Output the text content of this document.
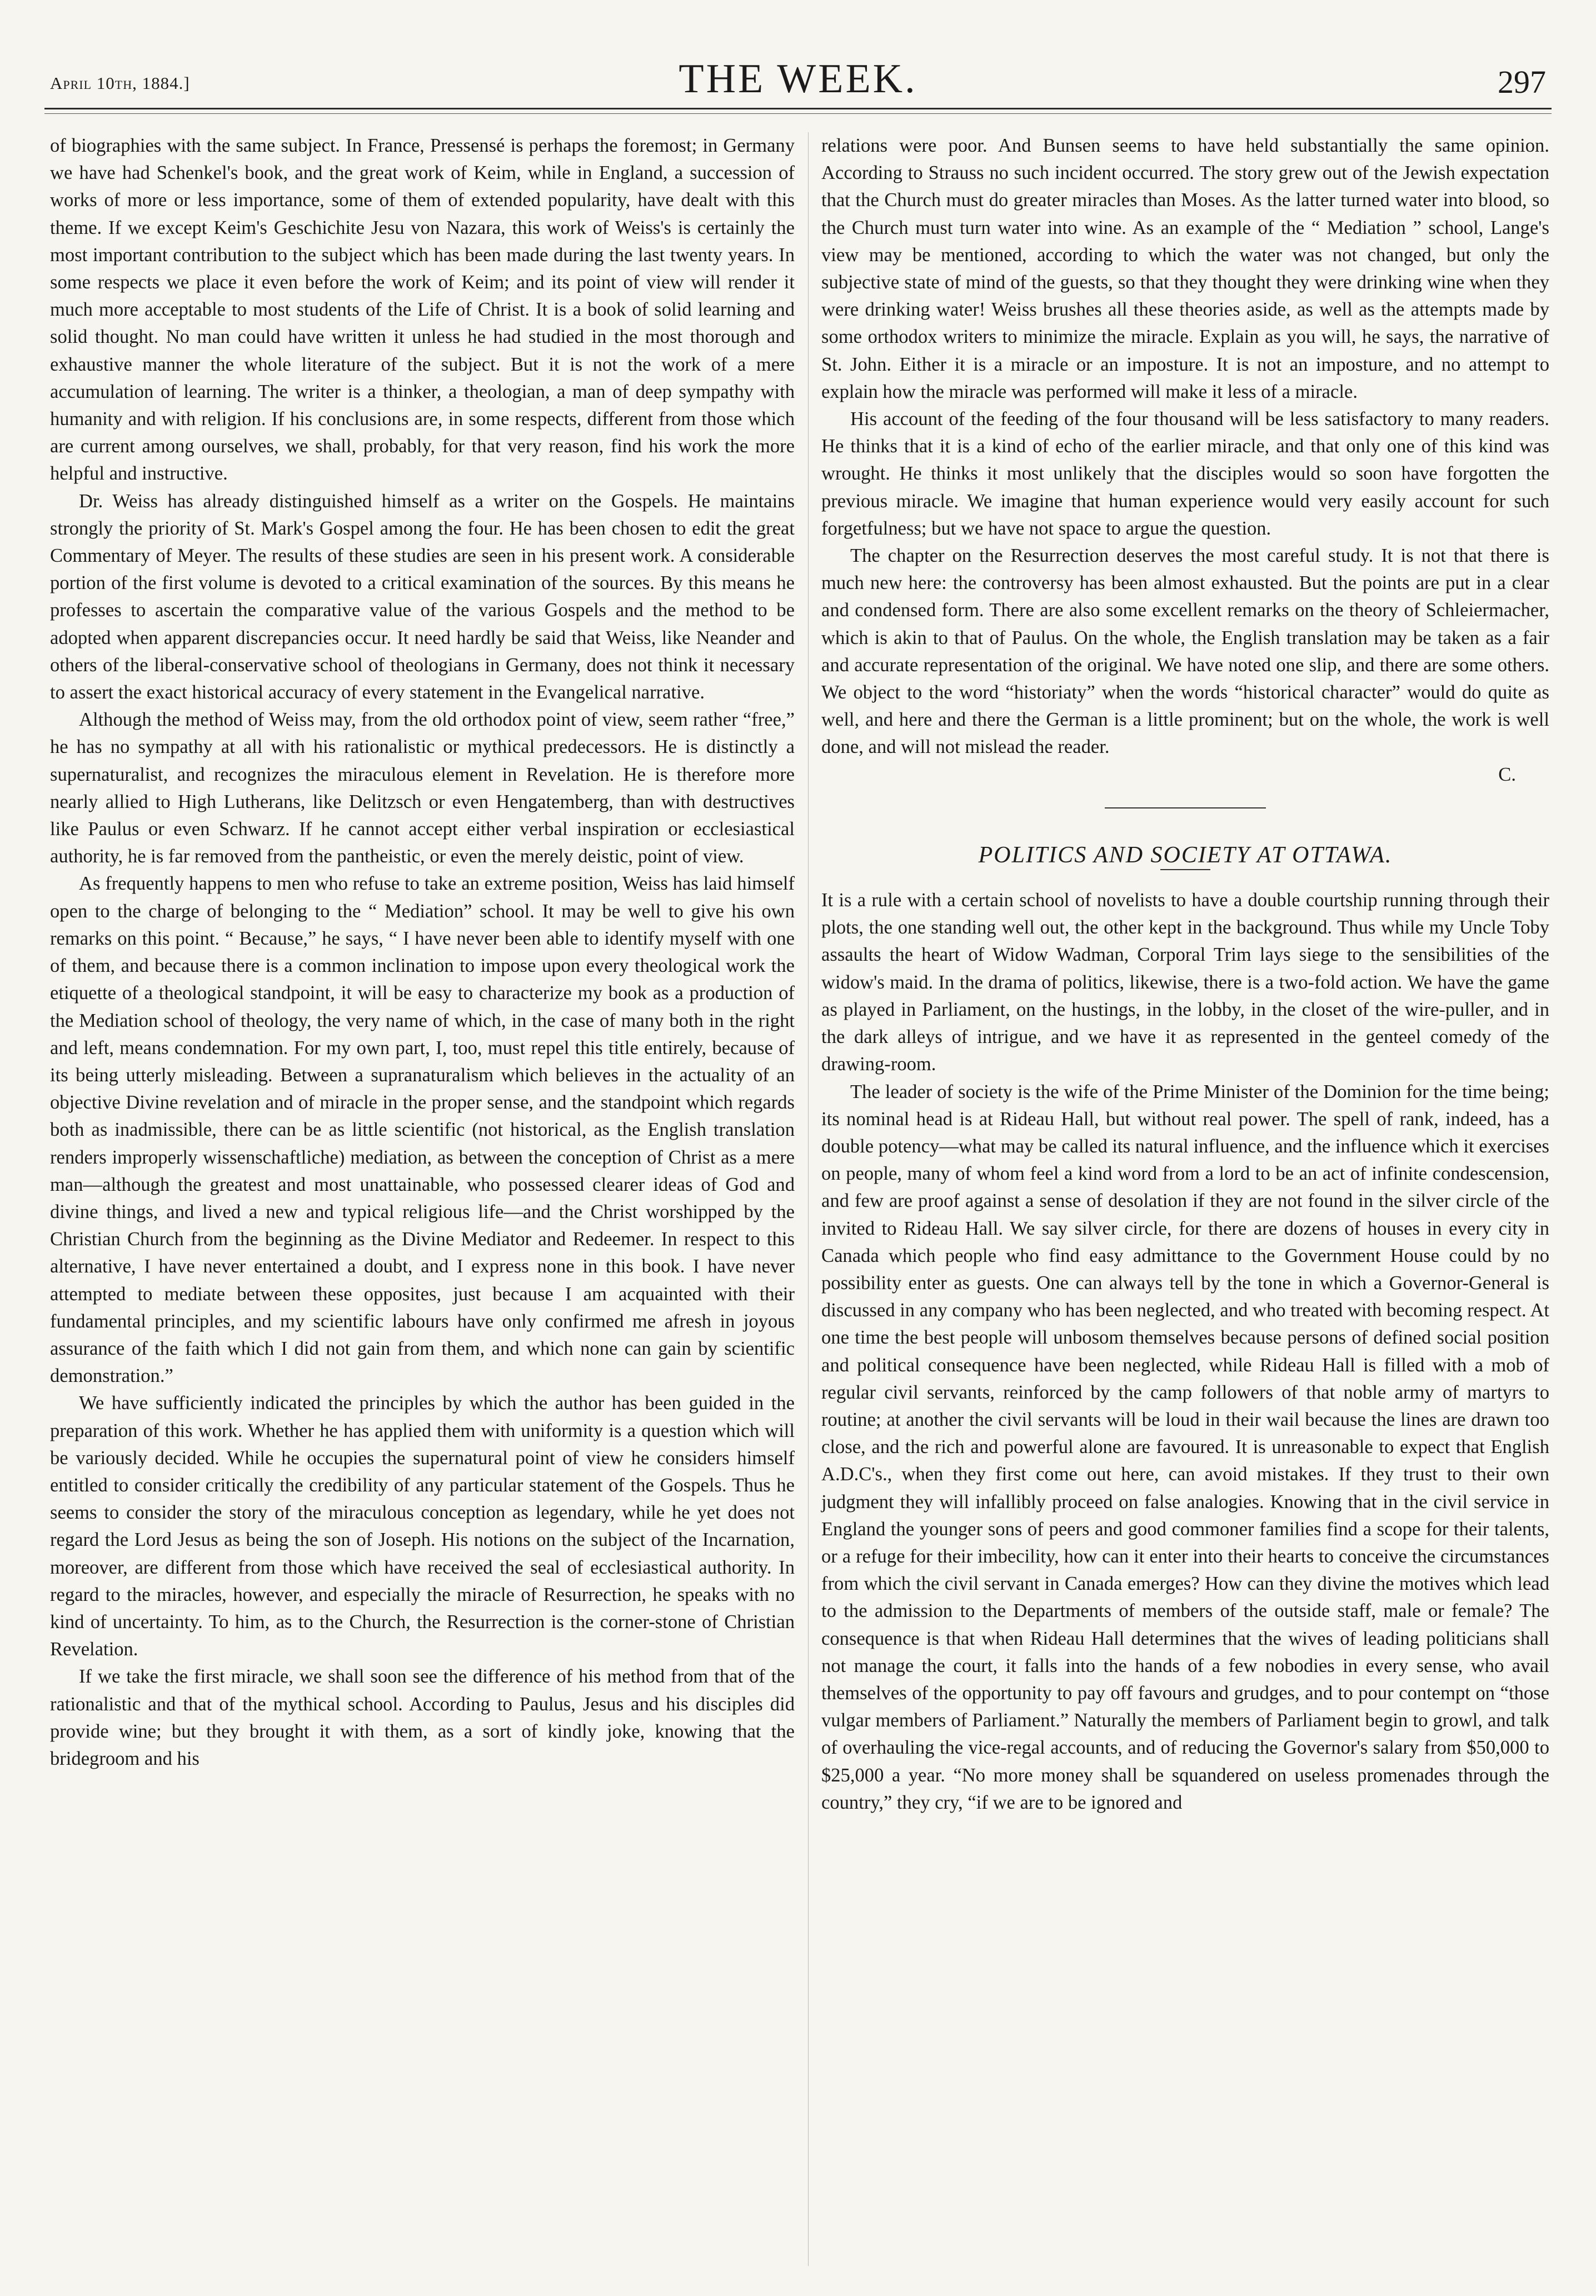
April 10th, 1884.]	THE WEEK.	297

of biographies with the same subject. In France, Pressensé is perhaps the foremost; in Germany we have had Schenkel's book, and the great work of Keim, while in England, a succession of works of more or less importance, some of them of extended popularity, have dealt with this theme. If we except Keim's Geschichite Jesu von Nazara, this work of Weiss's is certainly the most important contribution to the subject which has been made during the last twenty years. In some respects we place it even before the work of Keim; and its point of view will render it much more acceptable to most students of the Life of Christ. It is a book of solid learning and solid thought. No man could have written it unless he had studied in the most thorough and exhaustive manner the whole literature of the subject. But it is not the work of a mere accumulation of learning. The writer is a thinker, a theologian, a man of deep sympathy with humanity and with religion. If his conclusions are, in some respects, different from those which are current among ourselves, we shall, probably, for that very reason, find his work the more helpful and instructive.

Dr. Weiss has already distinguished himself as a writer on the Gospels. He maintains strongly the priority of St. Mark's Gospel among the four. He has been chosen to edit the great Commentary of Meyer. The results of these studies are seen in his present work. A considerable portion of the first volume is devoted to a critical examination of the sources. By this means he professes to ascertain the comparative value of the various Gospels and the method to be adopted when apparent discrepancies occur. It need hardly be said that Weiss, like Neander and others of the liberal-conservative school of theologians in Germany, does not think it necessary to assert the exact historical accuracy of every statement in the Evangelical narrative.

Although the method of Weiss may, from the old orthodox point of view, seem rather “free,” he has no sympathy at all with his rationalistic or mythical predecessors. He is distinctly a supernaturalist, and recognizes the miraculous element in Revelation. He is therefore more nearly allied to High Lutherans, like Delitzsch or even Hengatemberg, than with destructives like Paulus or even Schwarz. If he cannot accept either verbal inspiration or ecclesiastical authority, he is far removed from the pantheistic, or even the merely deistic, point of view.

As frequently happens to men who refuse to take an extreme position, Weiss has laid himself open to the charge of belonging to the “ Mediation” school. It may be well to give his own remarks on this point. “ Because,” he says, “ I have never been able to identify myself with one of them, and because there is a common inclination to impose upon every theological work the etiquette of a theological standpoint, it will be easy to characterize my book as a production of the Mediation school of theology, the very name of which, in the case of many both in the right and left, means condemnation. For my own part, I, too, must repel this title entirely, because of its being utterly misleading. Between a supranaturalism which believes in the actuality of an objective Divine revelation and of miracle in the proper sense, and the standpoint which regards both as inadmissible, there can be as little scientific (not historical, as the English translation renders improperly wissenschaftliche) mediation, as between the conception of Christ as a mere man—although the greatest and most unattainable, who possessed clearer ideas of God and divine things, and lived a new and typical religious life—and the Christ worshipped by the Christian Church from the beginning as the Divine Mediator and Redeemer. In respect to this alternative, I have never entertained a doubt, and I express none in this book. I have never attempted to mediate between these opposites, just because I am acquainted with their fundamental principles, and my scientific labours have only confirmed me afresh in joyous assurance of the faith which I did not gain from them, and which none can gain by scientific demonstration.”

We have sufficiently indicated the principles by which the author has been guided in the preparation of this work. Whether he has applied them with uniformity is a question which will be variously decided. While he occupies the supernatural point of view he considers himself entitled to consider critically the credibility of any particular statement of the Gospels. Thus he seems to consider the story of the miraculous conception as legendary, while he yet does not regard the Lord Jesus as being the son of Joseph. His notions on the subject of the Incarnation, moreover, are different from those which have received the seal of ecclesiastical authority. In regard to the miracles, however, and especially the miracle of Resurrection, he speaks with no kind of uncertainty. To him, as to the Church, the Resurrection is the corner-stone of Christian Revelation.

If we take the first miracle, we shall soon see the difference of his method from that of the rationalistic and that of the mythical school. According to Paulus, Jesus and his disciples did provide wine; but they brought it with them, as a sort of kindly joke, knowing that the bridegroom and his

relations were poor. And Bunsen seems to have held substantially the same opinion. According to Strauss no such incident occurred. The story grew out of the Jewish expectation that the Church must do greater miracles than Moses. As the latter turned water into blood, so the Church must turn water into wine. As an example of the “ Mediation ” school, Lange's view may be mentioned, according to which the water was not changed, but only the subjective state of mind of the guests, so that they thought they were drinking wine when they were drinking water! Weiss brushes all these theories aside, as well as the attempts made by some orthodox writers to minimize the miracle. Explain as you will, he says, the narrative of St. John. Either it is a miracle or an imposture. It is not an imposture, and no attempt to explain how the miracle was performed will make it less of a miracle.

His account of the feeding of the four thousand will be less satisfactory to many readers. He thinks that it is a kind of echo of the earlier miracle, and that only one of this kind was wrought. He thinks it most unlikely that the disciples would so soon have forgotten the previous miracle. We imagine that human experience would very easily account for such forgetfulness; but we have not space to argue the question.

The chapter on the Resurrection deserves the most careful study. It is not that there is much new here: the controversy has been almost exhausted. But the points are put in a clear and condensed form. There are also some excellent remarks on the theory of Schleiermacher, which is akin to that of Paulus. On the whole, the English translation may be taken as a fair and accurate representation of the original. We have noted one slip, and there are some others. We object to the word “historiaty” when the words “historical character” would do quite as well, and here and there the German is a little prominent; but on the whole, the work is well done, and will not mislead the reader.

C.

POLITICS AND SOCIETY AT OTTAWA.

It is a rule with a certain school of novelists to have a double courtship running through their plots, the one standing well out, the other kept in the background. Thus while my Uncle Toby assaults the heart of Widow Wadman, Corporal Trim lays siege to the sensibilities of the widow's maid. In the drama of politics, likewise, there is a two-fold action. We have the game as played in Parliament, on the hustings, in the lobby, in the closet of the wire-puller, and in the dark alleys of intrigue, and we have it as represented in the genteel comedy of the drawing-room.

The leader of society is the wife of the Prime Minister of the Dominion for the time being; its nominal head is at Rideau Hall, but without real power. The spell of rank, indeed, has a double potency—what may be called its natural influence, and the influence which it exercises on people, many of whom feel a kind word from a lord to be an act of infinite condescension, and few are proof against a sense of desolation if they are not found in the silver circle of the invited to Rideau Hall. We say silver circle, for there are dozens of houses in every city in Canada which people who find easy admittance to the Government House could by no possibility enter as guests. One can always tell by the tone in which a Governor-General is discussed in any company who has been neglected, and who treated with becoming respect. At one time the best people will unbosom themselves because persons of defined social position and political consequence have been neglected, while Rideau Hall is filled with a mob of regular civil servants, reinforced by the camp followers of that noble army of martyrs to routine; at another the civil servants will be loud in their wail because the lines are drawn too close, and the rich and powerful alone are favoured. It is unreasonable to expect that English A.D.C's., when they first come out here, can avoid mistakes. If they trust to their own judgment they will infallibly proceed on false analogies. Knowing that in the civil service in England the younger sons of peers and good commoner families find a scope for their talents, or a refuge for their imbecility, how can it enter into their hearts to conceive the circumstances from which the civil servant in Canada emerges? How can they divine the motives which lead to the admission to the Departments of members of the outside staff, male or female? The consequence is that when Rideau Hall determines that the wives of leading politicians shall not manage the court, it falls into the hands of a few nobodies in every sense, who avail themselves of the opportunity to pay off favours and grudges, and to pour contempt on “those vulgar members of Parliament.” Naturally the members of Parliament begin to growl, and talk of overhauling the vice-regal accounts, and of reducing the Governor's salary from $50,000 to $25,000 a year. “No more money shall be squandered on useless promenades through the country,” they cry, “if we are to be ignored and
